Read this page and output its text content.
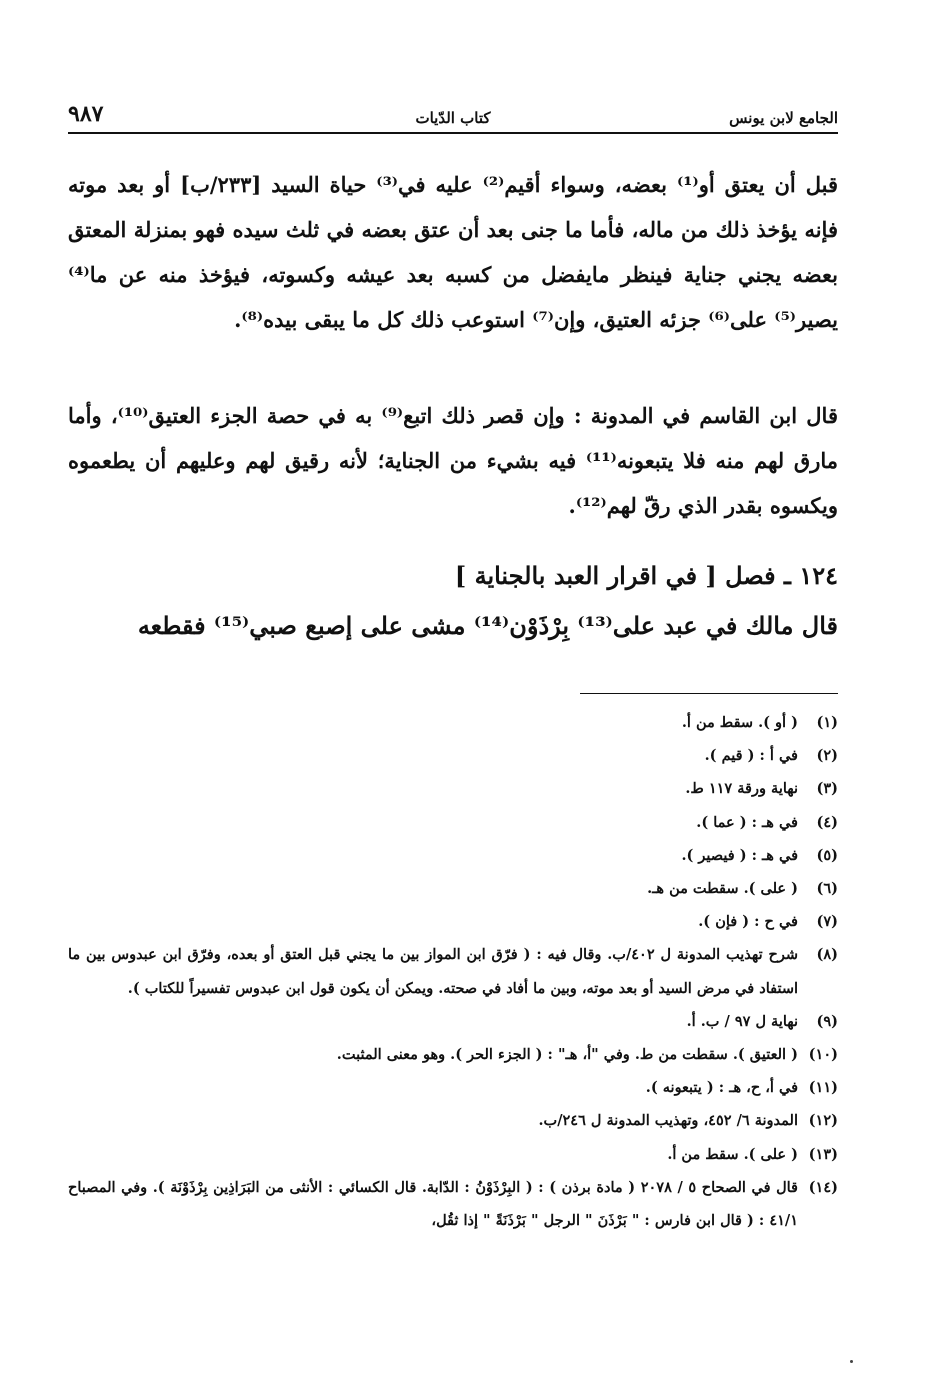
الجامع لابن يونس
كتاب الدّيات
٩٨٧
قبل أن يعتق أو⁽¹⁾ بعضه، وسواء أقيم⁽²⁾ عليه في⁽³⁾ حياة السيد [٢٣٣/ب] أو بعد موته فإنه يؤخذ ذلك من ماله، فأما ما جنى بعد أن عتق بعضه في ثلث سيده فهو بمنزلة المعتق بعضه يجني جناية فينظر مايفضل من كسبه بعد عيشه وكسوته، فيؤخذ منه عن ما⁽⁴⁾ يصير⁽⁵⁾ على⁽⁶⁾ جزئه العتيق، وإن⁽⁷⁾ استوعب ذلك كل ما يبقى بيده⁽⁸⁾.
قال ابن القاسم في المدونة : وإن قصر ذلك اتبع⁽⁹⁾ به في حصة الجزء العتيق⁽¹⁰⁾، وأما مارق لهم منه فلا يتبعونه⁽¹¹⁾ فيه بشيء من الجناية؛ لأنه رقيق لهم وعليهم أن يطعموه ويكسوه بقدر الذي رقّ لهم⁽¹²⁾.
١٢٤ ـ فصل [ في اقرار العبد بالجناية ]
قال مالك في عبد على⁽¹³⁾ بِرْذَوْن⁽¹⁴⁾ مشى على إصبع صبي⁽¹⁵⁾ فقطعه
(١)( أو ). سقط من أ.
(٢)في أ : ( قيم ).
(٣)نهاية ورقة ١١٧ ط.
(٤)في هـ : ( عما ).
(٥)في هـ : ( فيصير ).
(٦)( على ). سقطت من هـ.
(٧)في ح : ( فإن ).
(٨)شرح تهذيب المدونة ل ٤٠٢/ب. وقال فيه : ( فرّق ابن المواز بين ما يجني قبل العتق أو بعده، وفرّق ابن عبدوس بين ما استفاد في مرض السيد أو بعد موته، وبين ما أفاد في صحته. ويمكن أن يكون قول ابن عبدوس تفسيراً للكتاب ).
(٩)نهاية ل ٩٧ / ب. أ.
(١٠)( العتيق ). سقطت من ط. وفي "أ، هـ" : ( الجزء الحر ). وهو معنى المثبت.
(١١)في أ، ح، هـ : ( يتبعونه ).
(١٢)المدونة ٦/ ٤٥٢، وتهذيب المدونة ل ٢٤٦/ب.
(١٣)( على ). سقط من أ.
(١٤)قال في الصحاح ٥ / ٢٠٧٨ ( مادة برذن ) : ( البِرْذَوْنُ : الدّابة. قال الكسائي : الأنثى من البَرَاذِين بِرْذَوْنَة ). وفي المصباح ٤١/١ : ( قال ابن فارس : " بَرْذَنَ " الرجل " بَرْذَنَةً " إذا ثقُل،
